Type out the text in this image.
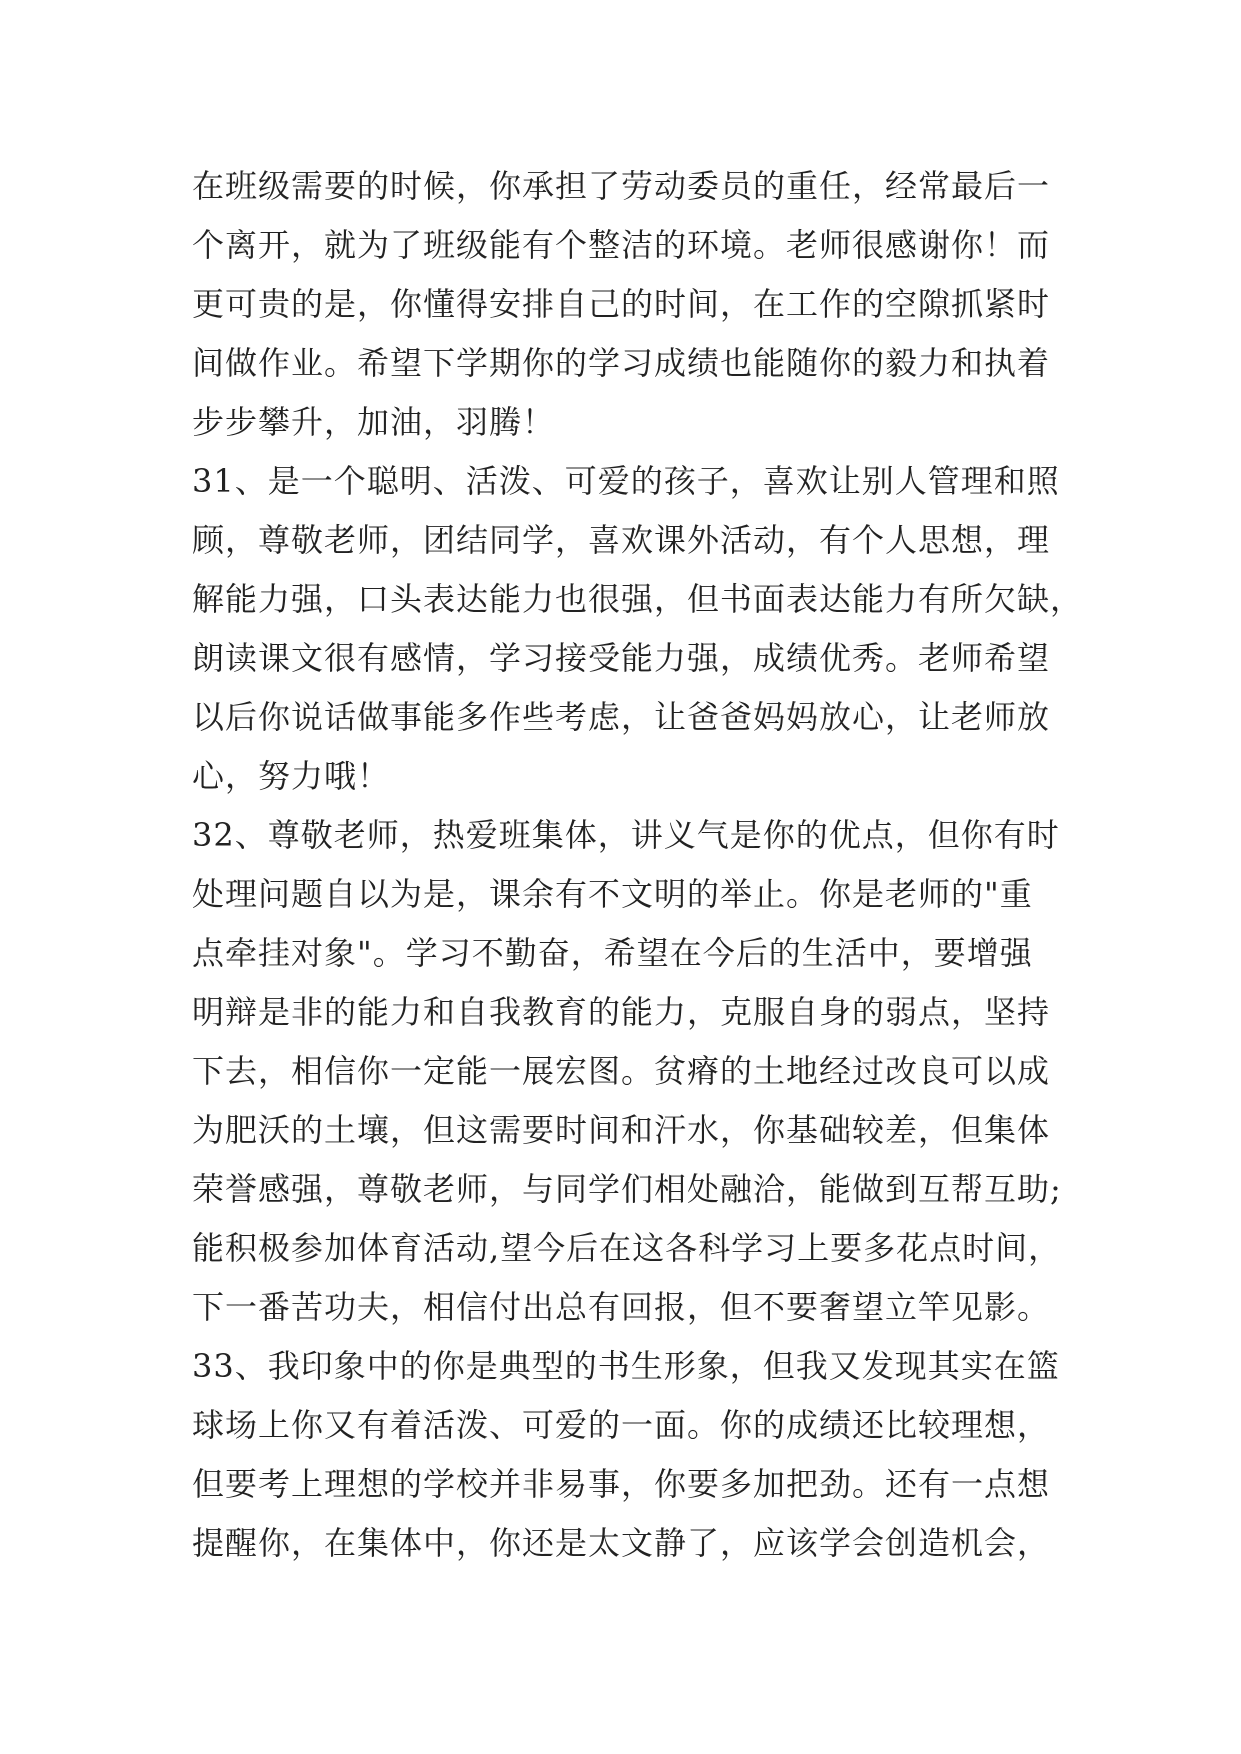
在班级需要的时候，你承担了劳动委员的重任，经常最后一
个离开，就为了班级能有个整洁的环境。老师很感谢你！而
更可贵的是，你懂得安排自己的时间，在工作的空隙抓紧时
间做作业。希望下学期你的学习成绩也能随你的毅力和执着
步步攀升，加油，羽腾！
31、是一个聪明、活泼、可爱的孩子，喜欢让别人管理和照
顾，尊敬老师，团结同学，喜欢课外活动，有个人思想，理
解能力强，口头表达能力也很强，但书面表达能力有所欠缺，
朗读课文很有感情，学习接受能力强，成绩优秀。老师希望
以后你说话做事能多作些考虑，让爸爸妈妈放心，让老师放
心，努力哦！
32、尊敬老师，热爱班集体，讲义气是你的优点，但你有时
处理问题自以为是，课余有不文明的举止。你是老师的"重
点牵挂对象"。学习不勤奋，希望在今后的生活中，要增强
明辩是非的能力和自我教育的能力，克服自身的弱点，坚持
下去，相信你一定能一展宏图。贫瘠的土地经过改良可以成
为肥沃的土壤，但这需要时间和汗水，你基础较差，但集体
荣誉感强，尊敬老师，与同学们相处融洽，能做到互帮互助;
能积极参加体育活动,望今后在这各科学习上要多花点时间，
下一番苦功夫，相信付出总有回报，但不要奢望立竿见影。
33、我印象中的你是典型的书生形象，但我又发现其实在篮
球场上你又有着活泼、可爱的一面。你的成绩还比较理想，
但要考上理想的学校并非易事，你要多加把劲。还有一点想
提醒你，在集体中，你还是太文静了，应该学会创造机会，
